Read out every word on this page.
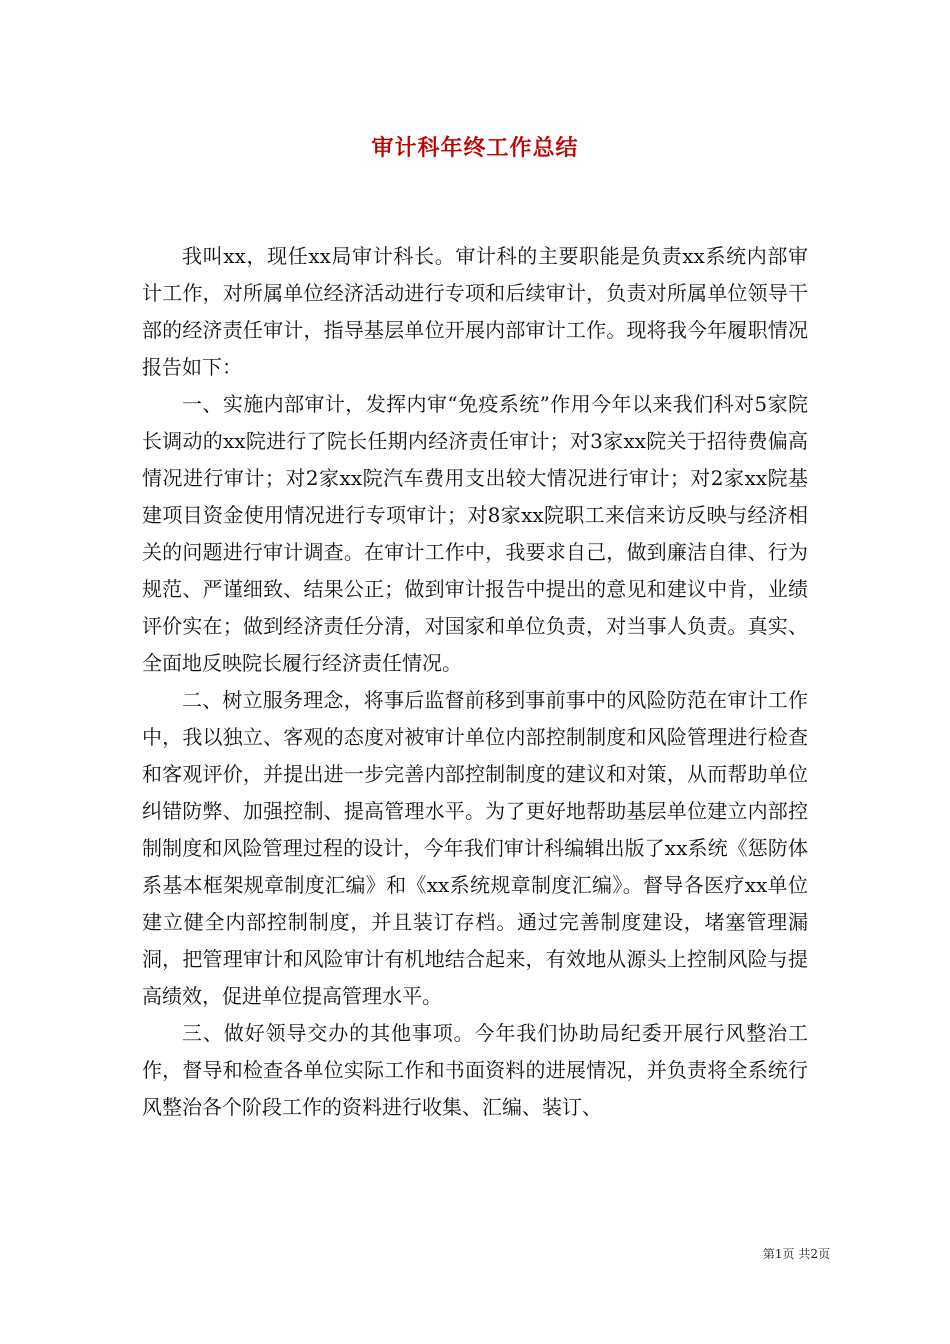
审计科年终工作总结

我叫xx，现任xx局审计科长。审计科的主要职能是负责xx系统内部审计工作，对所属单位经济活动进行专项和后续审计，负责对所属单位领导干部的经济责任审计，指导基层单位开展内部审计工作。现将我今年履职情况报告如下：

一、实施内部审计，发挥内审“免疫系统”作用今年以来我们科对5家院长调动的xx院进行了院长任期内经济责任审计；对3家xx院关于招待费偏高情况进行审计；对2家xx院汽车费用支出较大情况进行审计；对2家xx院基建项目资金使用情况进行专项审计；对8家xx院职工来信来访反映与经济相关的问题进行审计调查。在审计工作中，我要求自己，做到廉洁自律、行为规范、严谨细致、结果公正；做到审计报告中提出的意见和建议中肯，业绩评价实在；做到经济责任分清，对国家和单位负责，对当事人负责。真实、全面地反映院长履行经济责任情况。

二、树立服务理念，将事后监督前移到事前事中的风险防范在审计工作中，我以独立、客观的态度对被审计单位内部控制制度和风险管理进行检查和客观评价，并提出进一步完善内部控制制度的建议和对策，从而帮助单位纠错防弊、加强控制、提高管理水平。为了更好地帮助基层单位建立内部控制制度和风险管理过程的设计，今年我们审计科编辑出版了xx系统《惩防体系基本框架规章制度汇编》和《xx系统规章制度汇编》。督导各医疗xx单位建立健全内部控制制度，并且装订存档。通过完善制度建设，堵塞管理漏洞，把管理审计和风险审计有机地结合起来，有效地从源头上控制风险与提高绩效，促进单位提高管理水平。

三、做好领导交办的其他事项。今年我们协助局纪委开展行风整治工作，督导和检查各单位实际工作和书面资料的进展情况，并负责将全系统行风整治各个阶段工作的资料进行收集、汇编、装订、

第1页 共2页
